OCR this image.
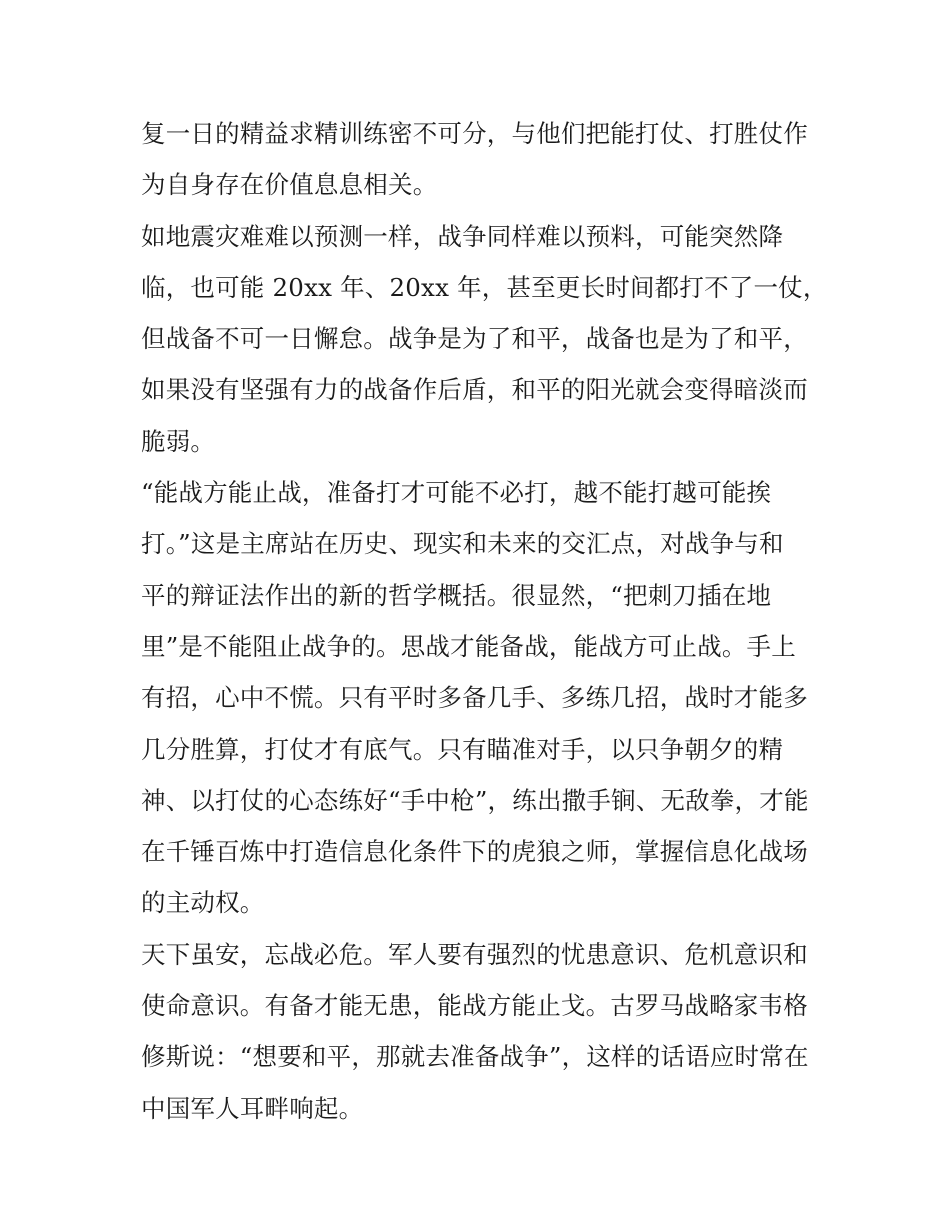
复一日的精益求精训练密不可分，与他们把能打仗、打胜仗作
为自身存在价值息息相关。
如地震灾难难以预测一样，战争同样难以预料，可能突然降
临，也可能 20xx 年、20xx 年，甚至更长时间都打不了一仗，
但战备不可一日懈怠。战争是为了和平，战备也是为了和平，
如果没有坚强有力的战备作后盾，和平的阳光就会变得暗淡而
脆弱。
“能战方能止战，准备打才可能不必打，越不能打越可能挨
打。”这是主席站在历史、现实和未来的交汇点，对战争与和
平的辩证法作出的新的哲学概括。很显然，“把刺刀插在地
里”是不能阻止战争的。思战才能备战，能战方可止战。手上
有招，心中不慌。只有平时多备几手、多练几招，战时才能多
几分胜算，打仗才有底气。只有瞄准对手，以只争朝夕的精
神、以打仗的心态练好“手中枪”，练出撒手锏、无敌拳，才能
在千锤百炼中打造信息化条件下的虎狼之师，掌握信息化战场
的主动权。
天下虽安，忘战必危。军人要有强烈的忧患意识、危机意识和
使命意识。有备才能无患，能战方能止戈。古罗马战略家韦格
修斯说：“想要和平，那就去准备战争”，这样的话语应时常在
中国军人耳畔响起。
